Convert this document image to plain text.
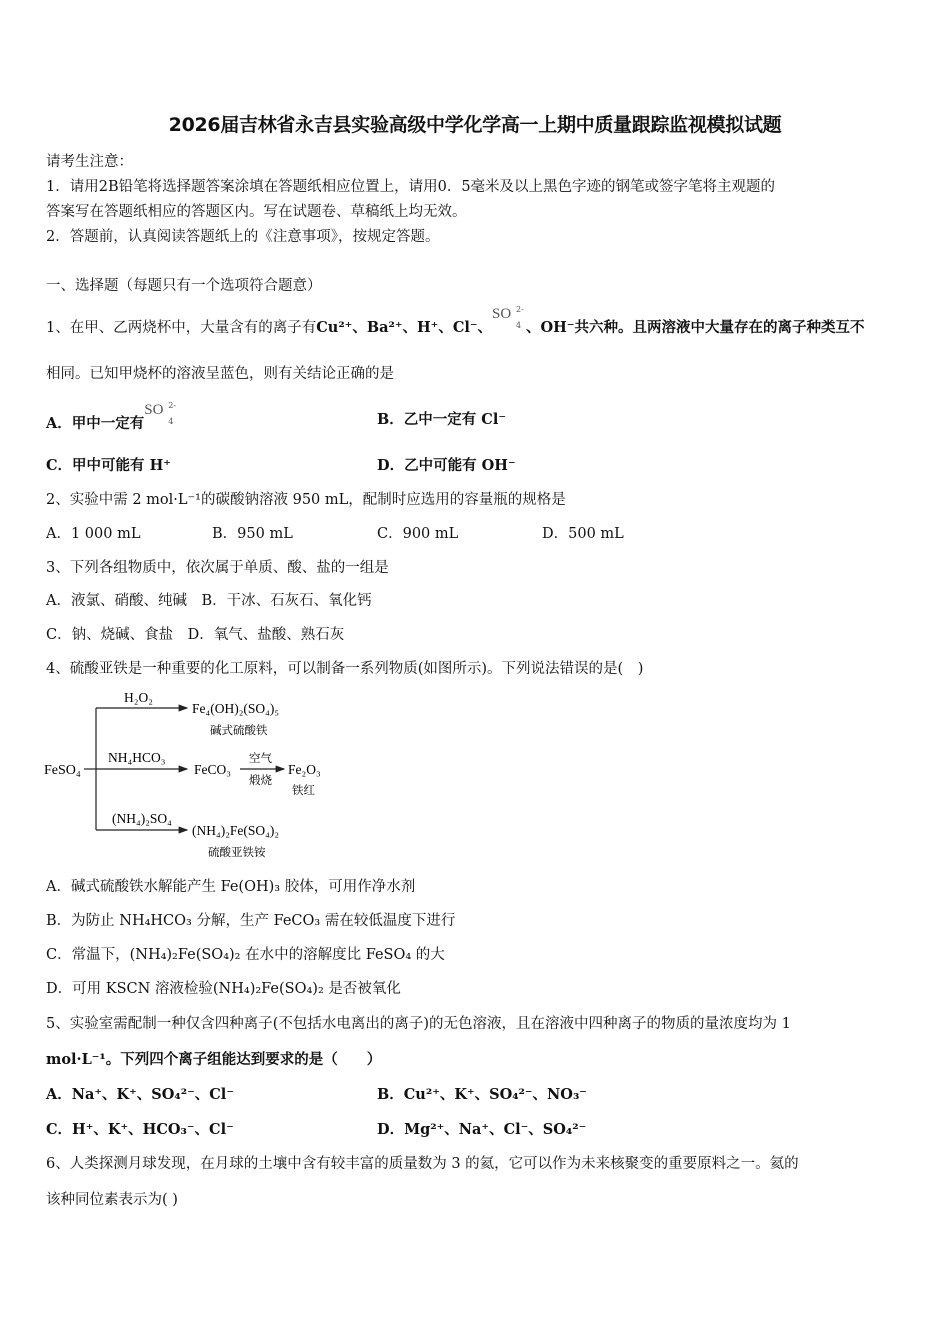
2026届吉林省永吉县实验高级中学化学高一上期中质量跟踪监视模拟试题
请考生注意：
1．请用2B铅笔将选择题答案涂填在答题纸相应位置上，请用0．5毫米及以上黑色字迹的钢笔或签字笔将主观题的
答案写在答题纸相应的答题区内。写在试题卷、草稿纸上均无效。
2．答题前，认真阅读答题纸上的《注意事项》，按规定答题。
一、选择题（每题只有一个选项符合题意）
1、在甲、乙两烧杯中，大量含有的离子有Cu²⁺、Ba²⁺、H⁺、Cl⁻、
SO 2-
4 、OH⁻共六种。且两溶液中大量存在的离子种类互不
相同。已知甲烧杯的溶液呈蓝色，则有关结论正确的是
A．甲中一定有
SO 2-
4	B．乙中一定有 Cl⁻
C．甲中可能有 H⁺	D．乙中可能有 OH⁻
2、实验中需 2 mol·L⁻¹的碳酸钠溶液 950 mL，配制时应选用的容量瓶的规格是
A．1 000 mL	B．950 mL	C．900 mL	D．500 mL
3、下列各组物质中，依次属于单质、酸、盐的一组是
A．液氯、硝酸、纯碱　B．干冰、石灰石、氧化钙
C．钠、烧碱、食盐　D．氧气、盐酸、熟石灰
4、硫酸亚铁是一种重要的化工原料，可以制备一系列物质(如图所示)。下列说法错误的是(　)
FeSO₄
H₂O₂
Fe₄(OH)₂(SO₄)₅
碱式硫酸铁
NH₄HCO₃
FeCO₃
空气
煅烧
Fe₂O₃
铁红
(NH₄)₂SO₄
(NH₄)₂Fe(SO₄)₂
硫酸亚铁铵
A．碱式硫酸铁水解能产生 Fe(OH)₃ 胶体，可用作净水剂
B．为防止 NH₄HCO₃ 分解，生产 FeCO₃ 需在较低温度下进行
C．常温下，(NH₄)₂Fe(SO₄)₂ 在水中的溶解度比 FeSO₄ 的大
D．可用 KSCN 溶液检验(NH₄)₂Fe(SO₄)₂ 是否被氧化
5、实验室需配制一种仅含四种离子(不包括水电离出的离子)的无色溶液，且在溶液中四种离子的物质的量浓度均为 1
mol·L⁻¹。下列四个离子组能达到要求的是（　　）
A．Na⁺、K⁺、SO₄²⁻、Cl⁻	B．Cu²⁺、K⁺、SO₄²⁻、NO₃⁻
C．H⁺、K⁺、HCO₃⁻、Cl⁻	D．Mg²⁺、Na⁺、Cl⁻、SO₄²⁻
6、人类探测月球发现，在月球的土壤中含有较丰富的质量数为 3 的氦，它可以作为未来核聚变的重要原料之一。氦的
该种同位素表示为( )
